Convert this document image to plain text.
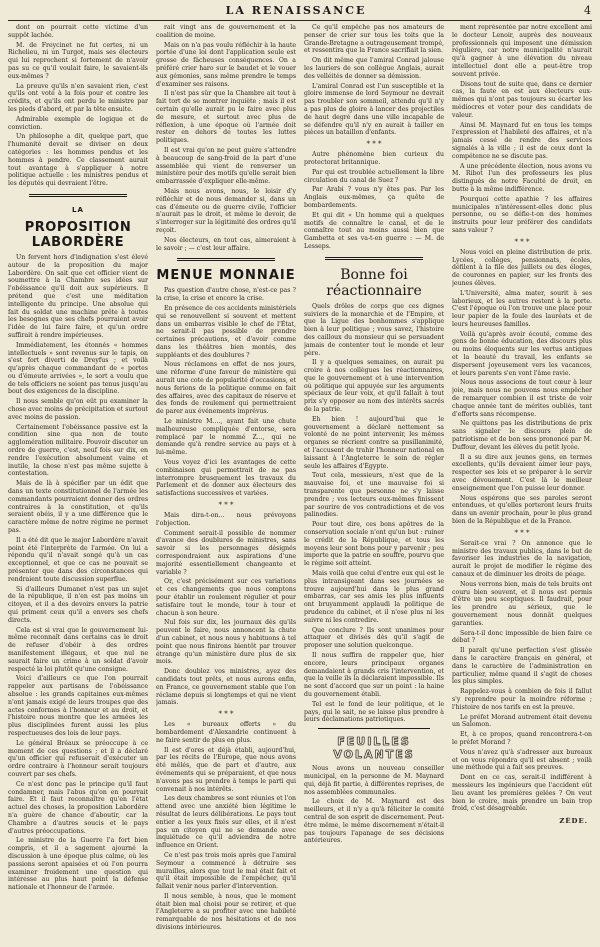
LA RENAISSANCE	4

dont on pourrait cette victime d'un suppôt lachée.

M. de Freycinet ne fut certes, ni un Richelieu, ni un Turgot, mais ses électeurs qui lui reprochent si fortement de n'avoir pas su ce qu'il voulait faire, le savaient-ils eux-mêmes ?

La preuve qu'ils n'en savaient rien, c'est qu'ils ont voté à la fois pour et contre les crédits, et qu'ils ont perdu le ministre par les pieds d'abord, et par la tête ensuite.

Admirable exemple de logique et de conviction.

Un philosophe a dit, quelque part, que l'humanité devait se diviser en deux catégories : les hommes pendus et les hommes à pendre. Ce classement aurait tout avantage à s'appliquer à notre politique actuelle : les ministres pendus et les députés qui devraient l'être.

LA
PROPOSITION LABORDÈRE

Un fervent hors d'indignation s'est élevé autour de la proposition du major Labordère. On sait que cet officier vient de soumettre à la Chambre ses idées sur l'obéissance qu'il doit aux supérieurs. Il prétend que c'est une méditation intelligente du principe. Une absolue qui fait du soldat une machine prête à toutes les besognes que ses chefs pourraient avoir l'idée de lui faire faire, et qu'un ordre suffirait à rendre impérieuses.

Immédiatement, les étonnés « hommes intellectuels » sont revenus sur le tapis, on s'est fort diverti de Dreyfus ; et voilà qu'après chaque commandant de « portes ou d'émeute arrivées », le sort a voulu que de tels officiers ne soient pas tenus jusqu'au bout des exigences de la discipline.

Il nous semble qu'on eût pu examiner la chose avec moins de précipitation et surtout avec moins de passion.

Certainement l'obéissance passive est la condition sine qua non de toute agglomération militaire. Pouvoir discuter un ordre de guerre, c'est, neuf fois sur dix, en rendre l'exécution absolument vaine et inutile, la chose n'est pas même sujette à contestation.

Mais de là à spécifier par un édit que dans un texte constitutionnel de l'armée les commandants pourraient donner des ordres contraires à la constitution, et qu'ils seraient obéis, il y a une différence que le caractère même de notre régime ne permet pas.

Il a été dit que le major Labordère n'avait point été l'interprète de l'armée. On lui a répondu qu'il n'avait songé qu'à un cas exceptionnel, et que ce cas ne pouvait se présenter que dans des circonstances qui rendraient toute discussion superflue.

Si d'ailleurs Dumanet n'est pas un sujet de la république, il n'en est pas moins un citoyen, et il a des devoirs envers la patrie qui priment ceux qu'il a envers ses chefs directs.

Cela est si vrai que le gouvernement lui-même reconnaît dans certains cas le droit de refuser d'obéir à des ordres manifestement illégaux, et que nul ne saurait faire un crime à un soldat d'avoir respecté la loi plutôt qu'une consigne.

Voici d'ailleurs ce que l'on pourrait rappeler aux partisans de l'obéissance absolue : les grands capitaines eux-mêmes n'ont jamais exigé de leurs troupes que des actes conformes à l'honneur et au droit, et l'histoire nous montre que les armées les plus disciplinées furent aussi les plus respectueuses des lois de leur pays.

Le général Bréaux se préoccupe à ce moment de ces questions ; et il a déclaré qu'un officier qui refuserait d'exécuter un ordre contraire à l'honneur serait toujours couvert par ses chefs.

Ce n'est donc pas le principe qu'il faut condamner, mais l'abus qu'on en pourrait faire. Et il faut reconnaître qu'en l'état actuel des choses, la proposition Labordère n'a guère de chance d'aboutir, car la Chambre a d'autres soucis et le pays d'autres préoccupations.

Le ministre de la Guerre l'a fort bien compris, et il a sagement ajourné la discussion à une époque plus calme, où les passions seront apaisées et où l'on pourra examiner froidement une question qui intéresse au plus haut point la défense nationale et l'honneur de l'armée.

rait vingt ans de gouvernement et la coalition de moine.

Mais on n'a pas voulu réfléchir à la haute portée d'une loi dont l'application seule est grosse de fâcheuses conséquences. On a préféré crier haro sur le baudet et le vouer aux gémonies, sans même prendre le temps d'examiner ses raisons.

Il n'est pas sûr que la Chambre ait tout à fait tort de se montrer inquiète ; mais il est certain qu'elle aurait pu le faire avec plus de mesure, et surtout avec plus de réflexion, à une époque où l'armée doit rester en dehors de toutes les luttes politiques.

Il est vrai qu'on ne peut guère s'attendre à beaucoup de sang-froid de la part d'une assemblée qui vient de renverser un ministère pour des motifs qu'elle serait bien embarrassée d'expliquer elle-même.

Mais nous avons, nous, le loisir d'y réfléchir et de nous demander si, dans un cas d'émeute ou de guerre civile, l'officier n'aurait pas le droit, et même le devoir, de s'interroger sur la légitimité des ordres qu'il reçoit.

Nos électeurs, en tout cas, aimeraient à le savoir ; — c'est leur affaire.

MENUE MONNAIE

Pas question d'autre chose, n'est-ce pas ? la crise, la crise et encore la crise.

En présence de ces accidents ministériels qui se renouvellent si souvent et mettent dans un embarras visible le chef de l'État, ne serait-il pas possible de prendre certaines précautions, et d'avoir comme dans les théâtres bien montés, des suppléants et des doublures ?

Nous réclamons en effet de nos jours, une réforme d'une faveur de ministère qui aurait une cote de popularité d'occasions, et nous ferions de la politique comme on fait des affaires, avec des capitaux de réserve et des fonds de roulement qui permettraient de parer aux événements imprévus.

Le ministre M...., ayant fait une chute malheureuse compliquée d'entorse, sera remplacé par le nommé Z..., qui ne demande qu'à rendre service au pays et à lui-même.

Vous voyez d'ici les avantages de cette combinaison qui permettrait de ne pas interrompre brusquement les travaux du Parlement et de donner aux électeurs des satisfactions successives et variées.

* * *

Mais dira-t-on... nous prévoyons l'objection.

Comment serait-il possible de nommer d'avance des doublures de ministres, sans savoir si les personnages désignés correspondraient aux aspirations d'une majorité essentiellement changeante et variable ?

Or, c'est précisément sur ces variations et ces changements que nous comptons pour établir un roulement régulier et pour satisfaire tout le monde, tour à tour et chacun à son heure.

Nul fois sur dix, les journaux dès qu'ils peuvent le faire, nous annoncent la chute d'un cabinet, et nous nous y habituons à tel point que nous finirons bientôt par trouver étrange qu'un ministère dure plus de six mois.

Donc doublez vos ministres, ayez des candidats tout prêts, et nous aurons enfin, en France, ce gouvernement stable que l'on réclame depuis si longtemps et qui ne vient jamais.

* * *

Les « bureaux offerts » du bombardement d'Alexandrie continuent à ne faire sentir de plus en plus.

Il est d'ores et déjà établi, aujourd'hui, par les récits de l'Europe, que nous avons été mêlés, que de part et d'autre, aux événements qui se préparaient, et que nous n'avons pas su prendre à temps le parti qui convenait à nos intérêts.

Les deux chambres se sont réunies et l'on attend avec une anxiété bien légitime le résultat de leurs délibérations. Le pays tout entier a les yeux fixés sur elles, et il n'est pas un citoyen qui ne se demande avec inquiétude ce qu'il adviendra de notre influence en Orient.

Ce n'est pas trois mois après que l'amiral Seymour a commencé à détruire ses murailles, alors que tout le mal était fait et qu'il était impossible de l'empêcher, qu'il fallait venir nous parler d'intervention.

Il nous semble, à nous, que le moment était bien mal choisi pour se retirer, et que l'Angleterre a su profiter avec une habileté remarquable de nos hésitations et de nos divisions intérieures.

Ce qu'il empêche pas nos amateurs de penser de crier sur tous les toits que la Grande-Bretagne a outrageusement trompé, et ressentira que la France sacrifiait la sien.

On dit même que l'amiral Conrad jalouse les lauriers de son collègue Anglais, aurait des velléités de donner sa démission.

L'amiral Conrad est l'un susceptible et la gloire immense de lord Seymour ne devrait pas troubler son sommeil, attendu qu'il n'y a pas plus de gloire à lancer des projectiles de haut degré dans une ville incapable de se défendre qu'il n'y en aurait à tailler en pièces un bataillon d'enfants.

* * *

Autre phénomène bien curieux du protectorat britannique.

Par qui est troublée actuellement la libre circulation du canal de Suez ?

Par Arabi ? vous n'y êtes pas. Par les Anglais eux-mêmes, ça quête de bombardements.

Et qui dit « Un homme qui a quelques motifs de connaître le canal, et de le connaître tout au moins aussi bien que Gambetta et ses va-t-en guerre : — M. de Lesseps.

Bonne foi réactionnaire

Quels drôles de corps que ces dignes suiviers de la monarchie et de l'Empire, et que la Ligue des bonhommes s'applique bien à leur politique ; vous savez, l'histoire des cailloux du monsieur qui se persuadent jamais de contenter tout le monde et leur père.

Il y a quelques semaines, on aurait pu croire à nos collègues les réactionnaires, que le gouvernement et à une intervention où politique qui appuyée sur les arguments spéciaux de leur voix, et qu'il fallait à tout prix s'y opposer au nom des intérêts sacrés de la patrie.

Eh bien ! aujourd'hui que le gouvernement a déclaré nettement sa volonté de ne point intervenir, les mêmes organes se récrient contre sa pusillanimité, et l'accusent de trahir l'honneur national en laissant à l'Angleterre le soin de régler seule les affaires d'Égypte.

Tout cela, messieurs, n'est que de la mauvaise foi, et une mauvaise foi si transparente que personne ne s'y laisse prendre ; vos lecteurs eux-mêmes finissent par sourire de vos contradictions et de vos palinodies.

Pour tout dire, ces bons apôtres de la conservation sociale n'ont qu'un but : ruiner le crédit de la République, et tous les moyens leur sont bons pour y parvenir ; peu importe que la patrie en souffre, pourvu que le régime soit atteint.

Mais voilà que celui d'entre eux qui est le plus intransigeant dans ses journées se trouve aujourd'hui dans le plus grand embarras, car ses amis les plus influents ont bruyamment applaudi la politique de prudence du cabinet, et il n'ose plus ni les suivre ni les contredire.

Que conclure ? Ils sont unanimes pour attaquer et divisés dès qu'il s'agit de proposer une solution quelconque.

Il nous suffira de rappeler que, hier encore, leurs principaux organes demandaient à grands cris l'intervention, et que la veille ils la déclaraient impossible. Ils ne sont d'accord que sur un point : la haine du gouvernement établi.

Tel est le fond de leur politique, et le pays, qui le sait, ne se laisse plus prendre à leurs déclamations patriotiques.

FEUILLES VOLANTES

Nous avons un nouveau conseiller municipal, en la personne de M. Maynard qui, déjà fit partie, à différentes reprises, de nos assemblées communales.

Le choix de M. Maynard est des meilleurs, et il n'y a qu'à féliciter le comité central de son esprit de discernement. Peut-être même, le même discernement n'était-il pas toujours l'apanage de ses décisions antérieures.

ment représentée par notre excellent ami le docteur Lenoir, auprès des nouveaux professionnels qui imposent une démission régulière, car notre municipalité n'aurait qu'à gagner à une élévation du niveau intellectuel dont elle a peut-être trop souvent privée.

Disons tout de suite que, dans ce dernier cas, la faute en est aux électeurs eux-mêmes qui n'ont pas toujours su écarter les médiocres et voter pour des candidats de valeur.

Ainsi M. Maynard fut en tous les temps l'expression et l'habileté des affaires, et n'a jamais cessé de rendre des services signalés à la ville ; il est de ceux dont la compétence ne se discute pas.

A une précédente élection, nous avons vu M. Ribot l'un des professeurs les plus distingués de notre Faculté de droit, en butte à la même indifférence.

Pourquoi cette apathie ? les affaires municipales n'intéressent-elles donc plus personne, ou se défie-t-on des hommes instruits pour leur préférer des candidats sans valeur ?

* * *

Nous voici en pleine distribution de prix. Lycées, collèges, pensionnats, écoles, défilent à la file des juillets ou des éloges, de couronnes en papier, sur les fronts des jeunes élèves.

L'Université, alma mater, sourit à ses laborieux, et les autres restent à la porte. C'est l'époque où l'on trouve une place pour leur papier de la foule des lauréats et de leurs heureuses familles.

Voilà qu'après avoir écouté, comme des gens de bonne éducation, des discours plus ou moins éloquents sur les vertus antiques et la beauté du travail, les enfants se dispersent joyeusement vers les vacances, et leurs parents s'en vont l'âme ravie.

Nous nous associons de tout cœur à leur joie, mais nous ne pouvons nous empêcher de remarquer combien il est triste de voir chaque année tant de mérites oubliés, tant d'efforts sans récompense.

Ne quittons pas les distributions de prix sans signaler le discours plein de patriotisme et de bon sens prononcé par M. Duffour, devant les élèves du petit lycée.

Il a su dire aux jeunes gens, en termes excellents, qu'ils devaient aimer leur pays, respecter ses lois et se préparer à le servir avec dévouement. C'est là le meilleur enseignement que l'on puisse leur donner.

Nous espérons que ses paroles seront entendues, et qu'elles porteront leurs fruits dans un avenir prochain, pour le plus grand bien de la République et de la France.

* * *

Serait-ce vrai ? On annonce que le ministre des travaux publics, dans le but de favoriser les industries de la navigation, aurait le projet de modifier le régime des canaux et de diminuer les droits de péage.

Nous verrons bien, mais de tels bruits ont couru bien souvent, et il nous est permis d'être un peu sceptiques. Il faudrait, pour les prendre au sérieux, que le gouvernement nous donnât quelques garanties.

Sera-t-il donc impossible de bien faire ce débat ?

Il paraît qu'une perfection s'est glissée dans le caractère français en général, et dans le caractère de l'administration en particulier, même quand il s'agit de choses les plus simples.

Rappelez-vous à combien de fois il fallut s'y reprendre pour la moindre réforme ; l'histoire de nos tarifs en est la preuve.

Le préfet Morand autrement était devenu un Salomon.

Et, à ce propos, quand rencontrera-t-on le préfet Morand ?

Vous n'avez qu'à s'adresser aux bureaux et on vous répondra qu'il est absent ; voilà une méthode qui a fait ses preuves.

Dont en ce cas, serait-il indifférent à messieurs les ingénieurs que l'accident eût lieu avant les premières gelées ? On veut bien le croire, mais prendre un bain trop froid, c'est désagréable.

ZÈDE.
